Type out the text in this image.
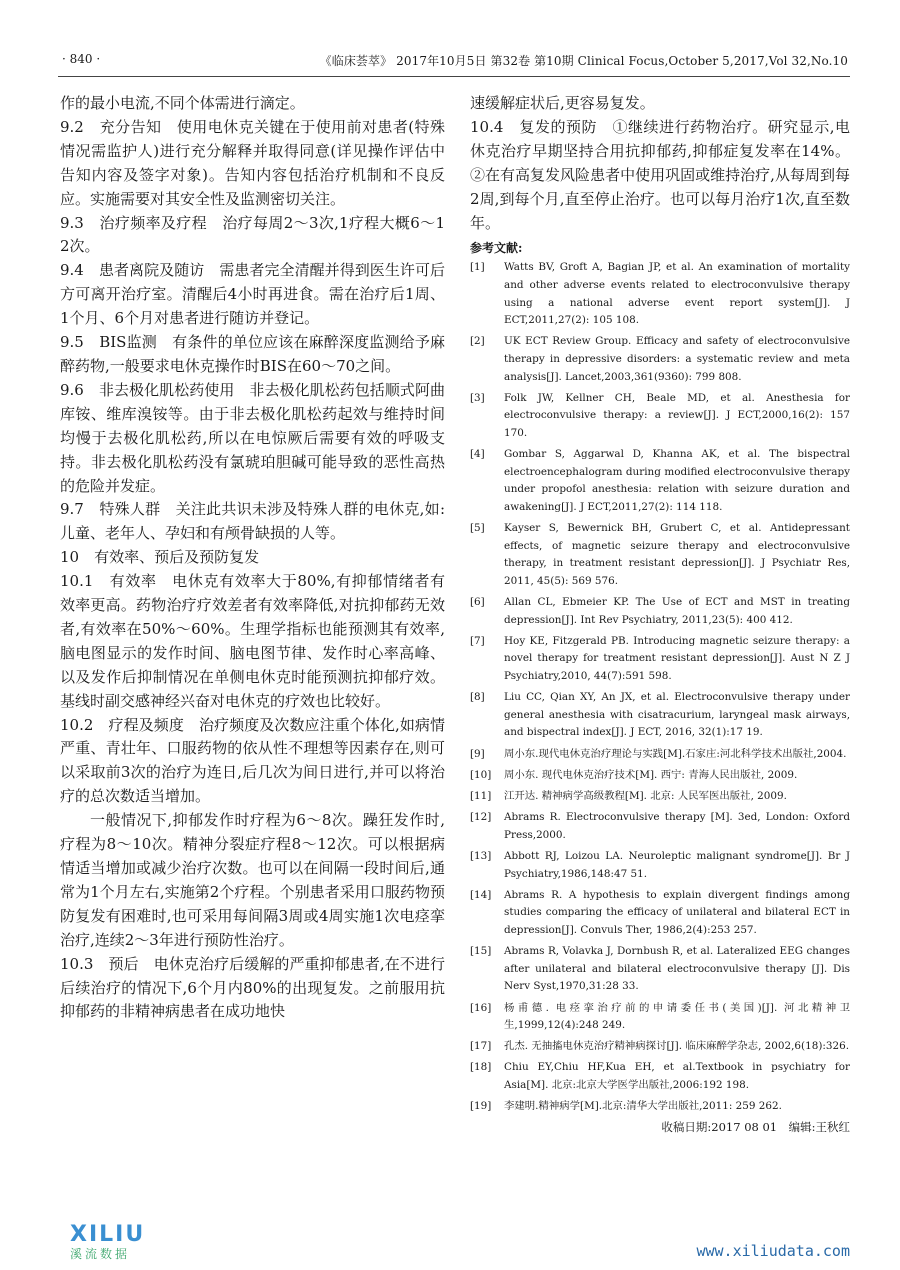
· 840 ·	《临床荟萃》 2017年10月5日 第32卷 第10期 Clinical Focus,October 5,2017,Vol 32,No.10

作的最小电流,不同个体需进行滴定。

9.2　充分告知　使用电休克关键在于使用前对患者(特殊情况需监护人)进行充分解释并取得同意(详见操作评估中告知内容及签字对象)。告知内容包括治疗机制和不良反应。实施需要对其安全性及监测密切关注。

9.3　治疗频率及疗程　治疗每周2～3次,1疗程大概6～12次。

9.4　患者离院及随访　需患者完全清醒并得到医生许可后方可离开治疗室。清醒后4小时再进食。需在治疗后1周、1个月、6个月对患者进行随访并登记。

9.5　BIS监测　有条件的单位应该在麻醉深度监测给予麻醉药物,一般要求电休克操作时BIS在60～70之间。

9.6　非去极化肌松药使用　非去极化肌松药包括顺式阿曲库铵、维库溴铵等。由于非去极化肌松药起效与维持时间均慢于去极化肌松药,所以在电惊厥后需要有效的呼吸支持。非去极化肌松药没有氯琥珀胆碱可能导致的恶性高热的危险并发症。

9.7　特殊人群　关注此共识未涉及特殊人群的电休克,如:儿童、老年人、孕妇和有颅骨缺损的人等。

10　有效率、预后及预防复发

10.1　有效率　电休克有效率大于80%,有抑郁情绪者有效率更高。药物治疗疗效差者有效率降低,对抗抑郁药无效者,有效率在50%～60%。生理学指标也能预测其有效率,脑电图显示的发作时间、脑电图节律、发作时心率高峰、以及发作后抑制情况在单侧电休克时能预测抗抑郁疗效。基线时副交感神经兴奋对电休克的疗效也比较好。

10.2　疗程及频度　治疗频度及次数应注重个体化,如病情严重、青壮年、口服药物的依从性不理想等因素存在,则可以采取前3次的治疗为连日,后几次为间日进行,并可以将治疗的总次数适当增加。

一般情况下,抑郁发作时疗程为6～8次。躁狂发作时,疗程为8～10次。精神分裂症疗程8～12次。可以根据病情适当增加或减少治疗次数。也可以在间隔一段时间后,通常为1个月左右,实施第2个疗程。个别患者采用口服药物预防复发有困难时,也可采用每间隔3周或4周实施1次电痉挛治疗,连续2～3年进行预防性治疗。

10.3　预后　电休克治疗后缓解的严重抑郁患者,在不进行后续治疗的情况下,6个月内80%的出现复发。之前服用抗抑郁药的非精神病患者在成功地快

速缓解症状后,更容易复发。

10.4　复发的预防　①继续进行药物治疗。研究显示,电休克治疗早期坚持合用抗抑郁药,抑郁症复发率在14%。②在有高复发风险患者中使用巩固或维持治疗,从每周到每2周,到每个月,直至停止治疗。也可以每月治疗1次,直至数年。

参考文献:
[1]	Watts BV, Groft A, Bagian JP, et al. An examination of mortality and other adverse events related to electroconvulsive therapy using a national adverse event report system[J]. J ECT,2011,27(2): 105 108.
[2]	UK ECT Review Group. Efficacy and safety of electroconvulsive therapy in depressive disorders: a systematic review and meta analysis[J]. Lancet,2003,361(9360): 799 808.
[3]	Folk JW, Kellner CH, Beale MD, et al. Anesthesia for electroconvulsive therapy: a review[J]. J ECT,2000,16(2): 157 170.
[4]	Gombar S, Aggarwal D, Khanna AK, et al. The bispectral electroencephalogram during modified electroconvulsive therapy under propofol anesthesia: relation with seizure duration and awakening[J]. J ECT,2011,27(2): 114 118.
[5]	Kayser S, Bewernick BH, Grubert C, et al. Antidepressant effects, of magnetic seizure therapy and electroconvulsive therapy, in treatment resistant depression[J]. J Psychiatr Res, 2011, 45(5): 569 576.
[6]	Allan CL, Ebmeier KP. The Use of ECT and MST in treating depression[J]. Int Rev Psychiatry, 2011,23(5): 400 412.
[7]	Hoy KE, Fitzgerald PB. Introducing magnetic seizure therapy: a novel therapy for treatment resistant depression[J]. Aust N Z J Psychiatry,2010, 44(7):591 598.
[8]	Liu CC, Qian XY, An JX, et al. Electroconvulsive therapy under general anesthesia with cisatracurium, laryngeal mask airways, and bispectral index[J]. J ECT, 2016, 32(1):17 19.
[9]	周小东.现代电休克治疗理论与实践[M].石家庄:河北科学技术出版社,2004.
[10]	周小东. 现代电休克治疗技术[M]. 西宁: 青海人民出版社, 2009.
[11]	江开达. 精神病学高级教程[M]. 北京: 人民军医出版社, 2009.
[12]	Abrams R. Electroconvulsive therapy [M]. 3ed, London: Oxford Press,2000.
[13]	Abbott RJ, Loizou LA. Neuroleptic malignant syndrome[J]. Br J Psychiatry,1986,148:47 51.
[14]	Abrams R. A hypothesis to explain divergent findings among studies comparing the efficacy of unilateral and bilateral ECT in depression[J]. Convuls Ther, 1986,2(4):253 257.
[15]	Abrams R, Volavka J, Dornbush R, et al. Lateralized EEG changes after unilateral and bilateral electroconvulsive therapy [J]. Dis Nerv Syst,1970,31:28 33.
[16]	杨甫德. 电痉挛治疗前的申请委任书(美国)[J]. 河北精神卫生,1999,12(4):248 249.
[17]	孔杰. 无抽搐电休克治疗精神病探讨[J]. 临床麻醉学杂志, 2002,6(18):326.
[18]	Chiu EY,Chiu HF,Kua EH, et al.Textbook in psychiatry for Asia[M]. 北京:北京大学医学出版社,2006:192 198.
[19]	李建明.精神病学[M].北京:清华大学出版社,2011: 259 262.
收稿日期:2017 08 01　编辑:王秋红
XILIU
溪流数据	www.xiliudata.com
